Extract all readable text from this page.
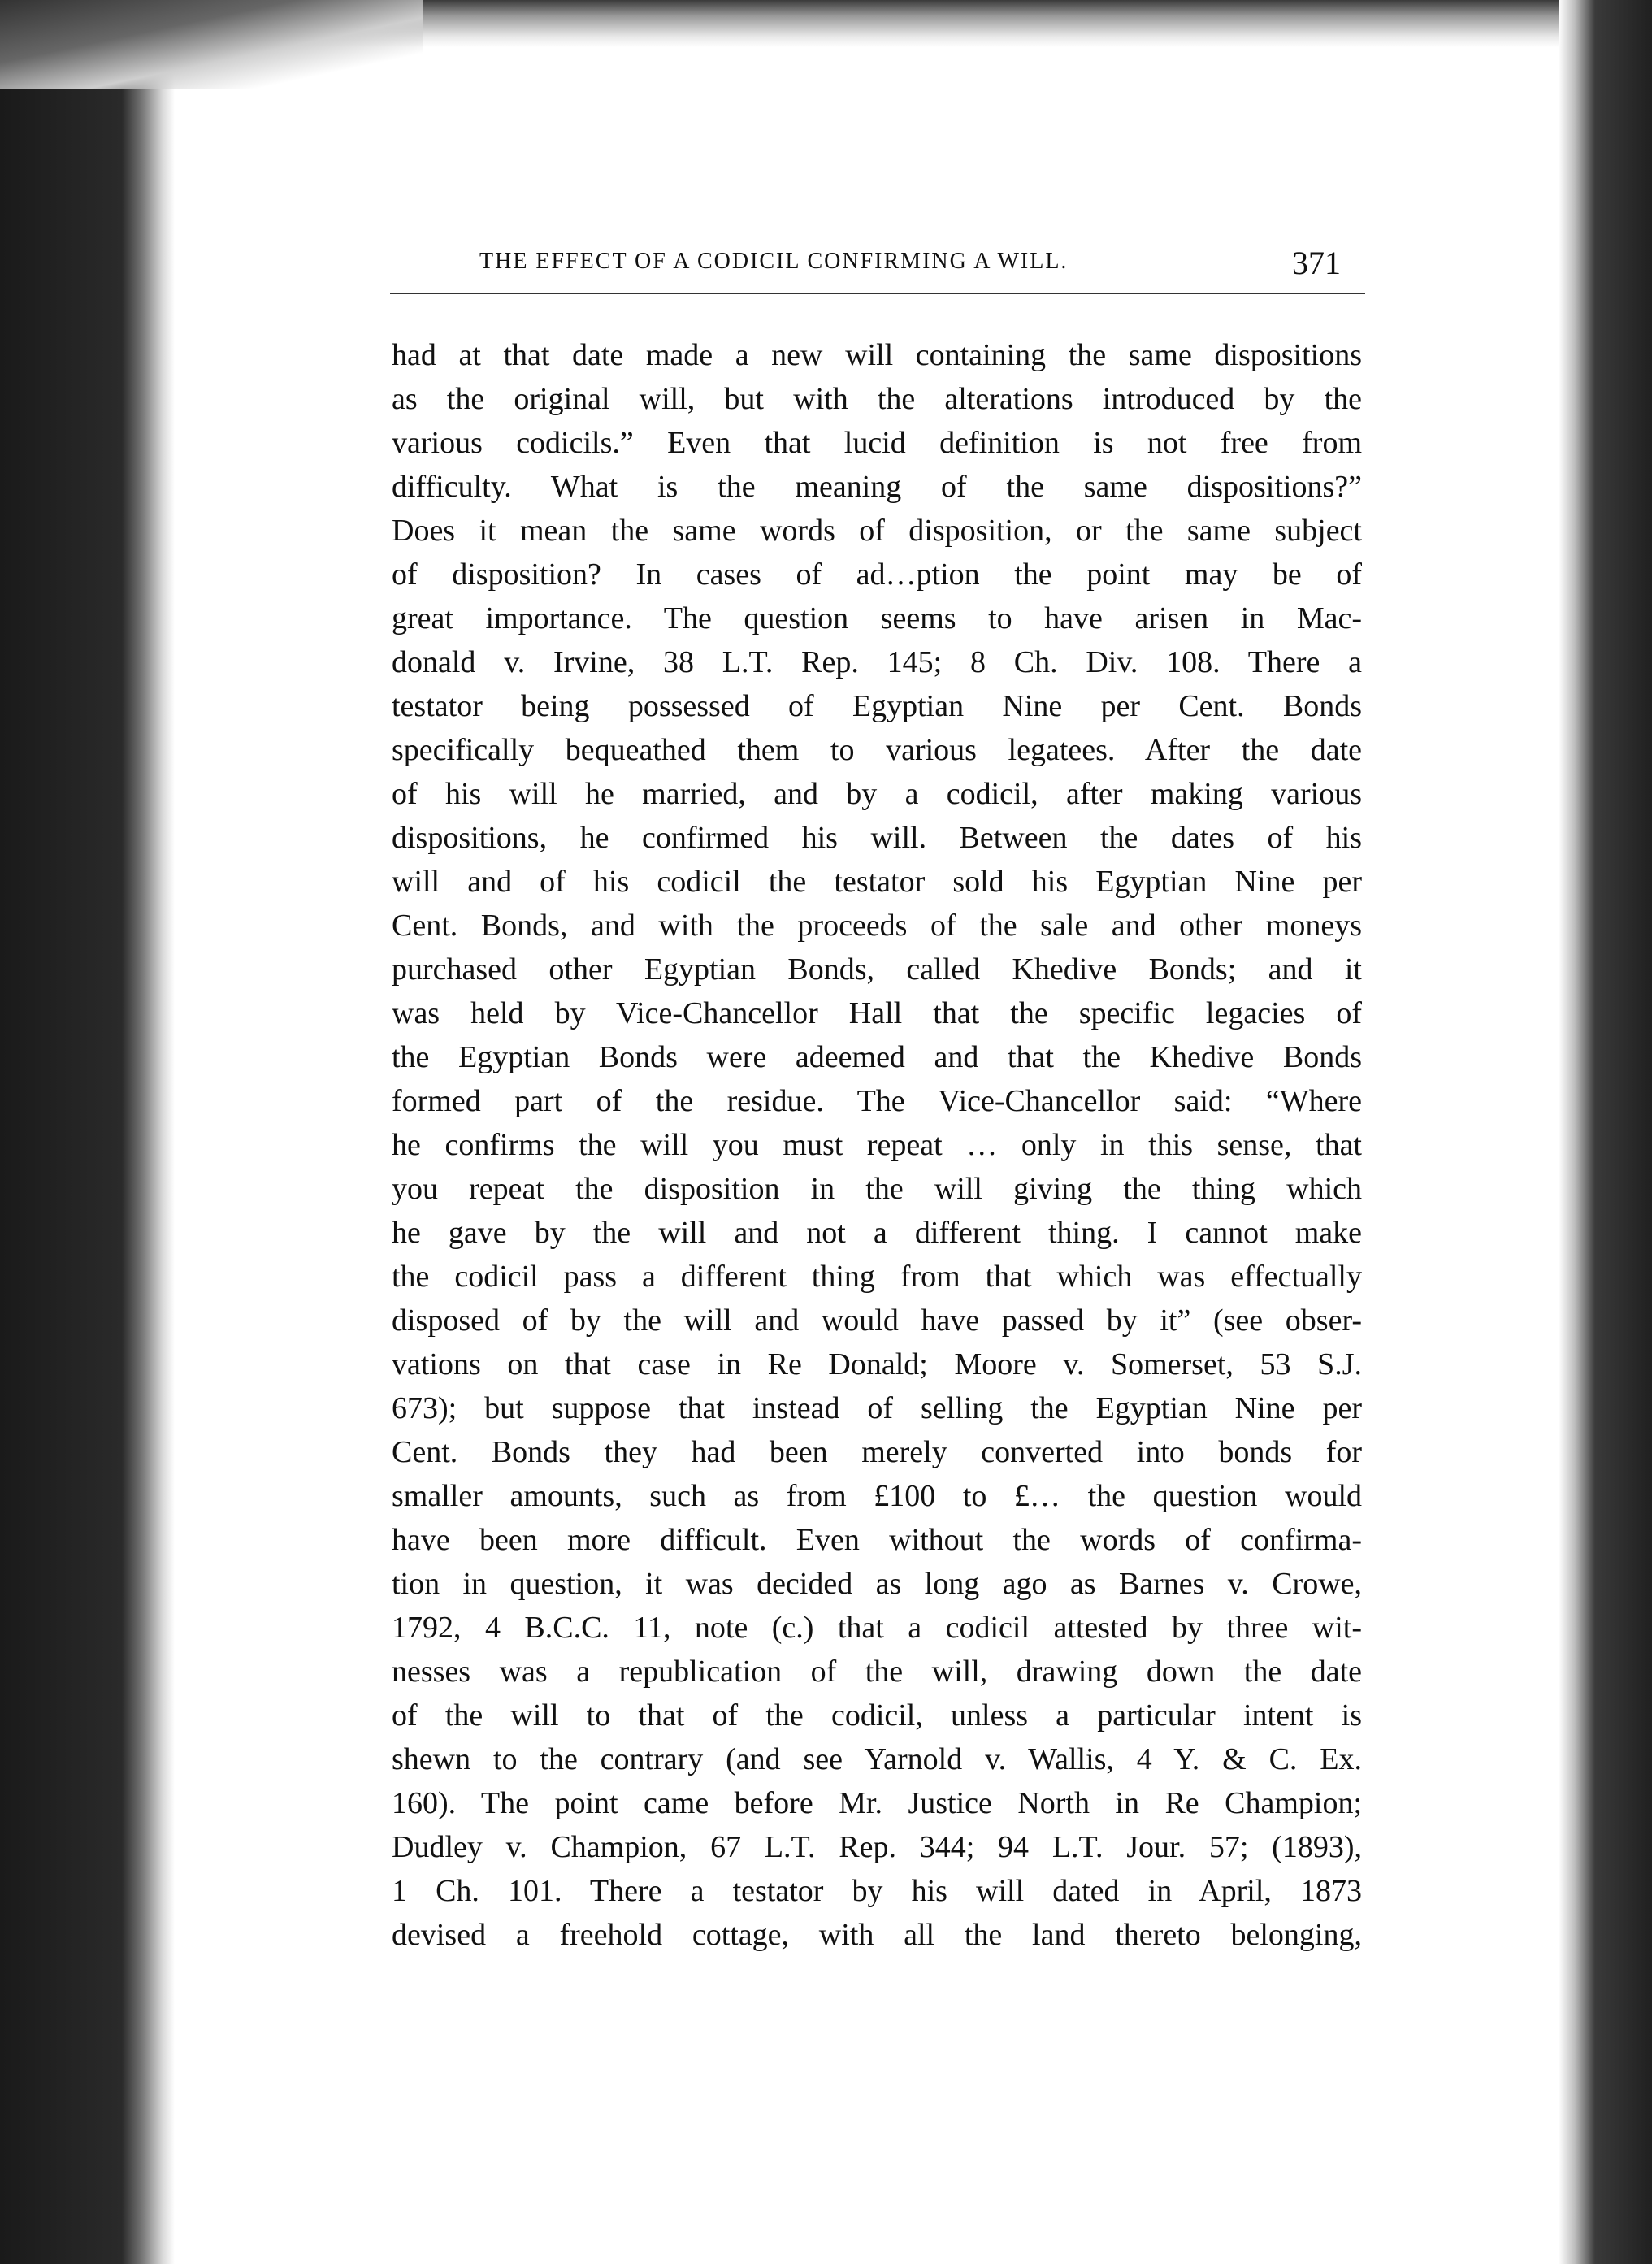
THE EFFECT OF A CODICIL CONFIRMING A WILL.	371
had at that date made a new will containing the same dispositions
as the original will, but with the alterations introduced by the
various codicils.” Even that lucid definition is not free from
difficulty. What is the meaning of the same dispositions?”
Does it mean the same words of disposition, or the same subject
of disposition? In cases of ad…ption the point may be of
great importance. The question seems to have arisen in Mac-
donald v. Irvine, 38 L.T. Rep. 145; 8 Ch. Div. 108. There a
testator being possessed of Egyptian Nine per Cent. Bonds
specifically bequeathed them to various legatees. After the date
of his will he married, and by a codicil, after making various
dispositions, he confirmed his will. Between the dates of his
will and of his codicil the testator sold his Egyptian Nine per
Cent. Bonds, and with the proceeds of the sale and other moneys
purchased other Egyptian Bonds, called Khedive Bonds; and it
was held by Vice-Chancellor Hall that the specific legacies of
the Egyptian Bonds were adeemed and that the Khedive Bonds
formed part of the residue. The Vice-Chancellor said: “Where
he confirms the will you must repeat … only in this sense, that
you repeat the disposition in the will giving the thing which
he gave by the will and not a different thing. I cannot make
the codicil pass a different thing from that which was effectually
disposed of by the will and would have passed by it” (see obser-
vations on that case in Re Donald; Moore v. Somerset, 53 S.J.
673); but suppose that instead of selling the Egyptian Nine per
Cent. Bonds they had been merely converted into bonds for
smaller amounts, such as from £100 to £… the question would
have been more difficult. Even without the words of confirma-
tion in question, it was decided as long ago as Barnes v. Crowe,
1792, 4 B.C.C. 11, note (c.) that a codicil attested by three wit-
nesses was a republication of the will, drawing down the date
of the will to that of the codicil, unless a particular intent is
shewn to the contrary (and see Yarnold v. Wallis, 4 Y. & C. Ex.
160). The point came before Mr. Justice North in Re Champion;
Dudley v. Champion, 67 L.T. Rep. 344; 94 L.T. Jour. 57; (1893),
1 Ch. 101. There a testator by his will dated in April, 1873
devised a freehold cottage, with all the land thereto belonging,
